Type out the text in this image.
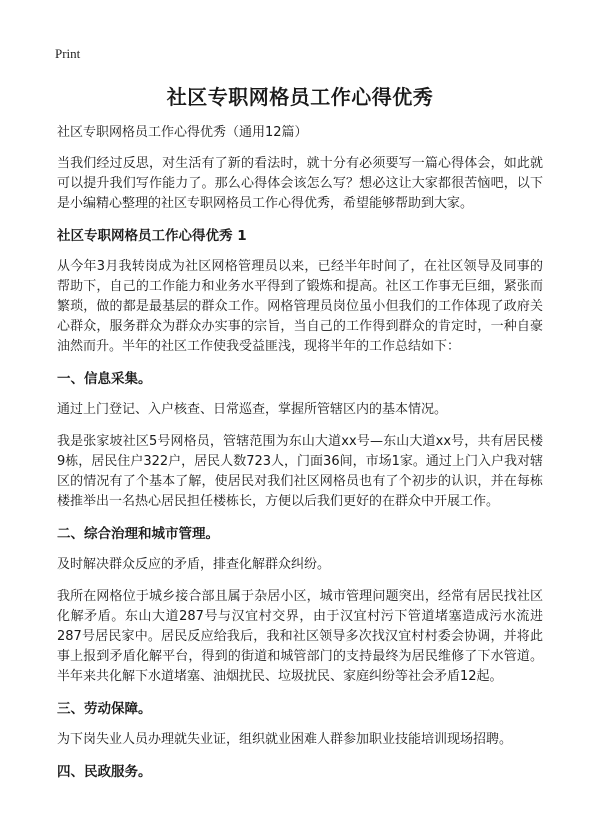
Print
社区专职网格员工作心得优秀
社区专职网格员工作心得优秀（通用12篇）

当我们经过反思，对生活有了新的看法时，就十分有必须要写一篇心得体会，如此就可以提升我们写作能力了。那么心得体会该怎么写？想必这让大家都很苦恼吧，以下是小编精心整理的社区专职网格员工作心得优秀，希望能够帮助到大家。

社区专职网格员工作心得优秀 1

从今年3月我转岗成为社区网格管理员以来，已经半年时间了，在社区领导及同事的帮助下，自己的工作能力和业务水平得到了锻炼和提高。社区工作事无巨细，紧张而繁琐，做的都是最基层的群众工作。网格管理员岗位虽小但我们的工作体现了政府关心群众，服务群众为群众办实事的宗旨，当自己的工作得到群众的肯定时，一种自豪油然而升。半年的社区工作使我受益匪浅，现将半年的工作总结如下：

一、信息采集。

通过上门登记、入户核查、日常巡查，掌握所管辖区内的基本情况。

我是张家坡社区5号网格员，管辖范围为东山大道xx号—东山大道xx号，共有居民楼9栋，居民住户322户，居民人数723人，门面36间，市场1家。通过上门入户我对辖区的情况有了个基本了解，使居民对我们社区网格员也有了个初步的认识，并在每栋楼推举出一名热心居民担任楼栋长，方便以后我们更好的在群众中开展工作。

二、综合治理和城市管理。

及时解决群众反应的矛盾，排查化解群众纠纷。

我所在网格位于城乡接合部且属于杂居小区，城市管理问题突出，经常有居民找社区化解矛盾。东山大道287号与汉宜村交界，由于汉宜村污下管道堵塞造成污水流进287号居民家中。居民反应给我后，我和社区领导多次找汉宜村村委会协调，并将此事上报到矛盾化解平台，得到的街道和城管部门的支持最终为居民维修了下水管道。半年来共化解下水道堵塞、油烟扰民、垃圾扰民、家庭纠纷等社会矛盾12起。

三、劳动保障。

为下岗失业人员办理就失业证，组织就业困难人群参加职业技能培训现场招聘。

四、民政服务。
